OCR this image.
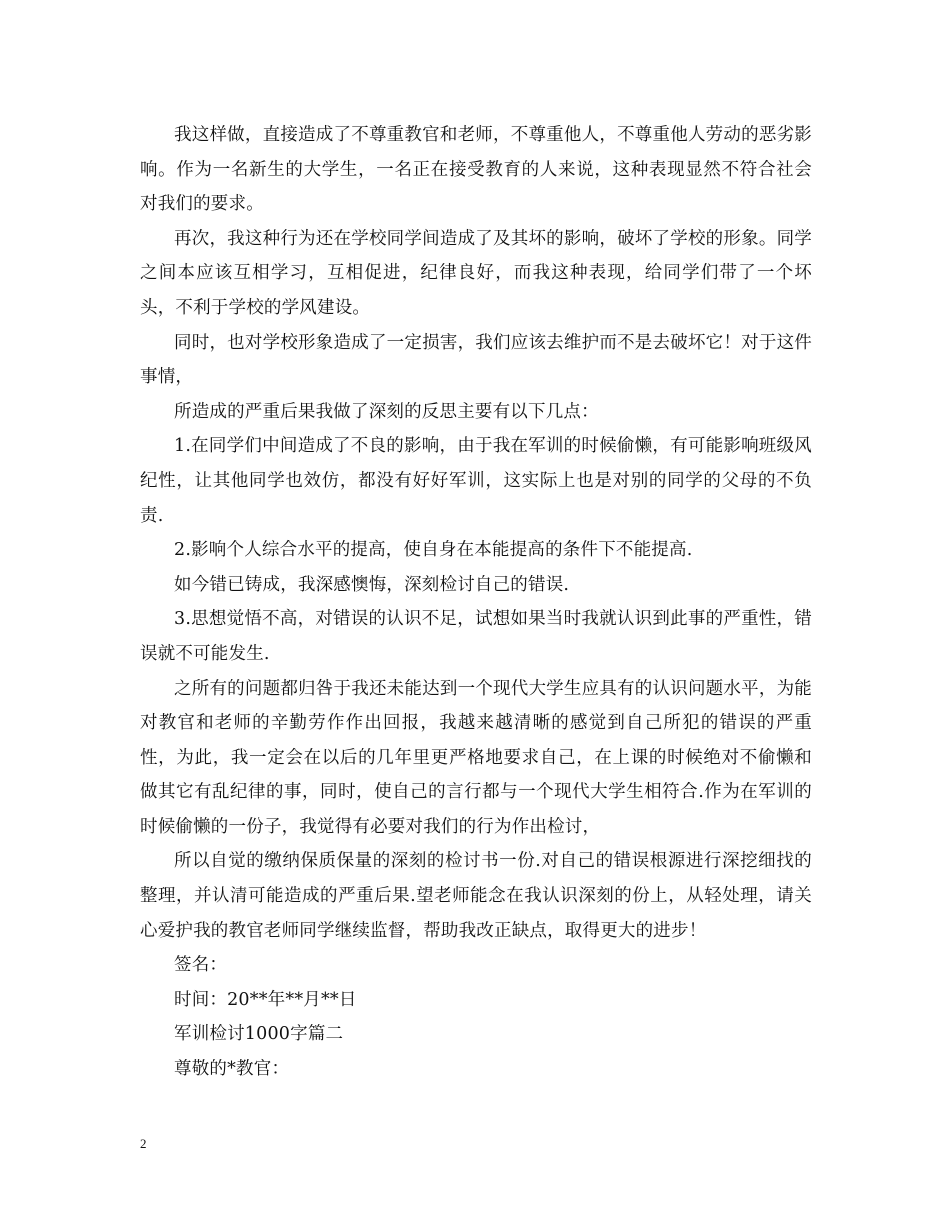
我这样做，直接造成了不尊重教官和老师，不尊重他人，不尊重他人劳动的恶劣影响。作为一名新生的大学生，一名正在接受教育的人来说，这种表现显然不符合社会对我们的要求。

再次，我这种行为还在学校同学间造成了及其坏的影响，破坏了学校的形象。同学之间本应该互相学习，互相促进，纪律良好，而我这种表现，给同学们带了一个坏头，不利于学校的学风建设。

同时，也对学校形象造成了一定损害，我们应该去维护而不是去破坏它！对于这件事情，

所造成的严重后果我做了深刻的反思主要有以下几点：

1.在同学们中间造成了不良的影响，由于我在军训的时候偷懒，有可能影响班级风纪性，让其他同学也效仿，都没有好好军训，这实际上也是对别的同学的父母的不负责.

2.影响个人综合水平的提高，使自身在本能提高的条件下不能提高.

如今错已铸成，我深感懊悔，深刻检讨自己的错误.

3.思想觉悟不高，对错误的认识不足，试想如果当时我就认识到此事的严重性，错误就不可能发生.

之所有的问题都归咎于我还未能达到一个现代大学生应具有的认识问题水平，为能对教官和老师的辛勤劳作作出回报，我越来越清晰的感觉到自己所犯的错误的严重性，为此，我一定会在以后的几年里更严格地要求自己，在上课的时候绝对不偷懒和做其它有乱纪律的事，同时，使自己的言行都与一个现代大学生相符合.作为在军训的时候偷懒的一份子，我觉得有必要对我们的行为作出检讨，

所以自觉的缴纳保质保量的深刻的检讨书一份.对自己的错误根源进行深挖细找的整理，并认清可能造成的严重后果.望老师能念在我认识深刻的份上，从轻处理，请关心爱护我的教官老师同学继续监督，帮助我改正缺点，取得更大的进步！

签名：

时间：20**年**月**日

军训检讨1000字篇二

尊敬的*教官：

2
